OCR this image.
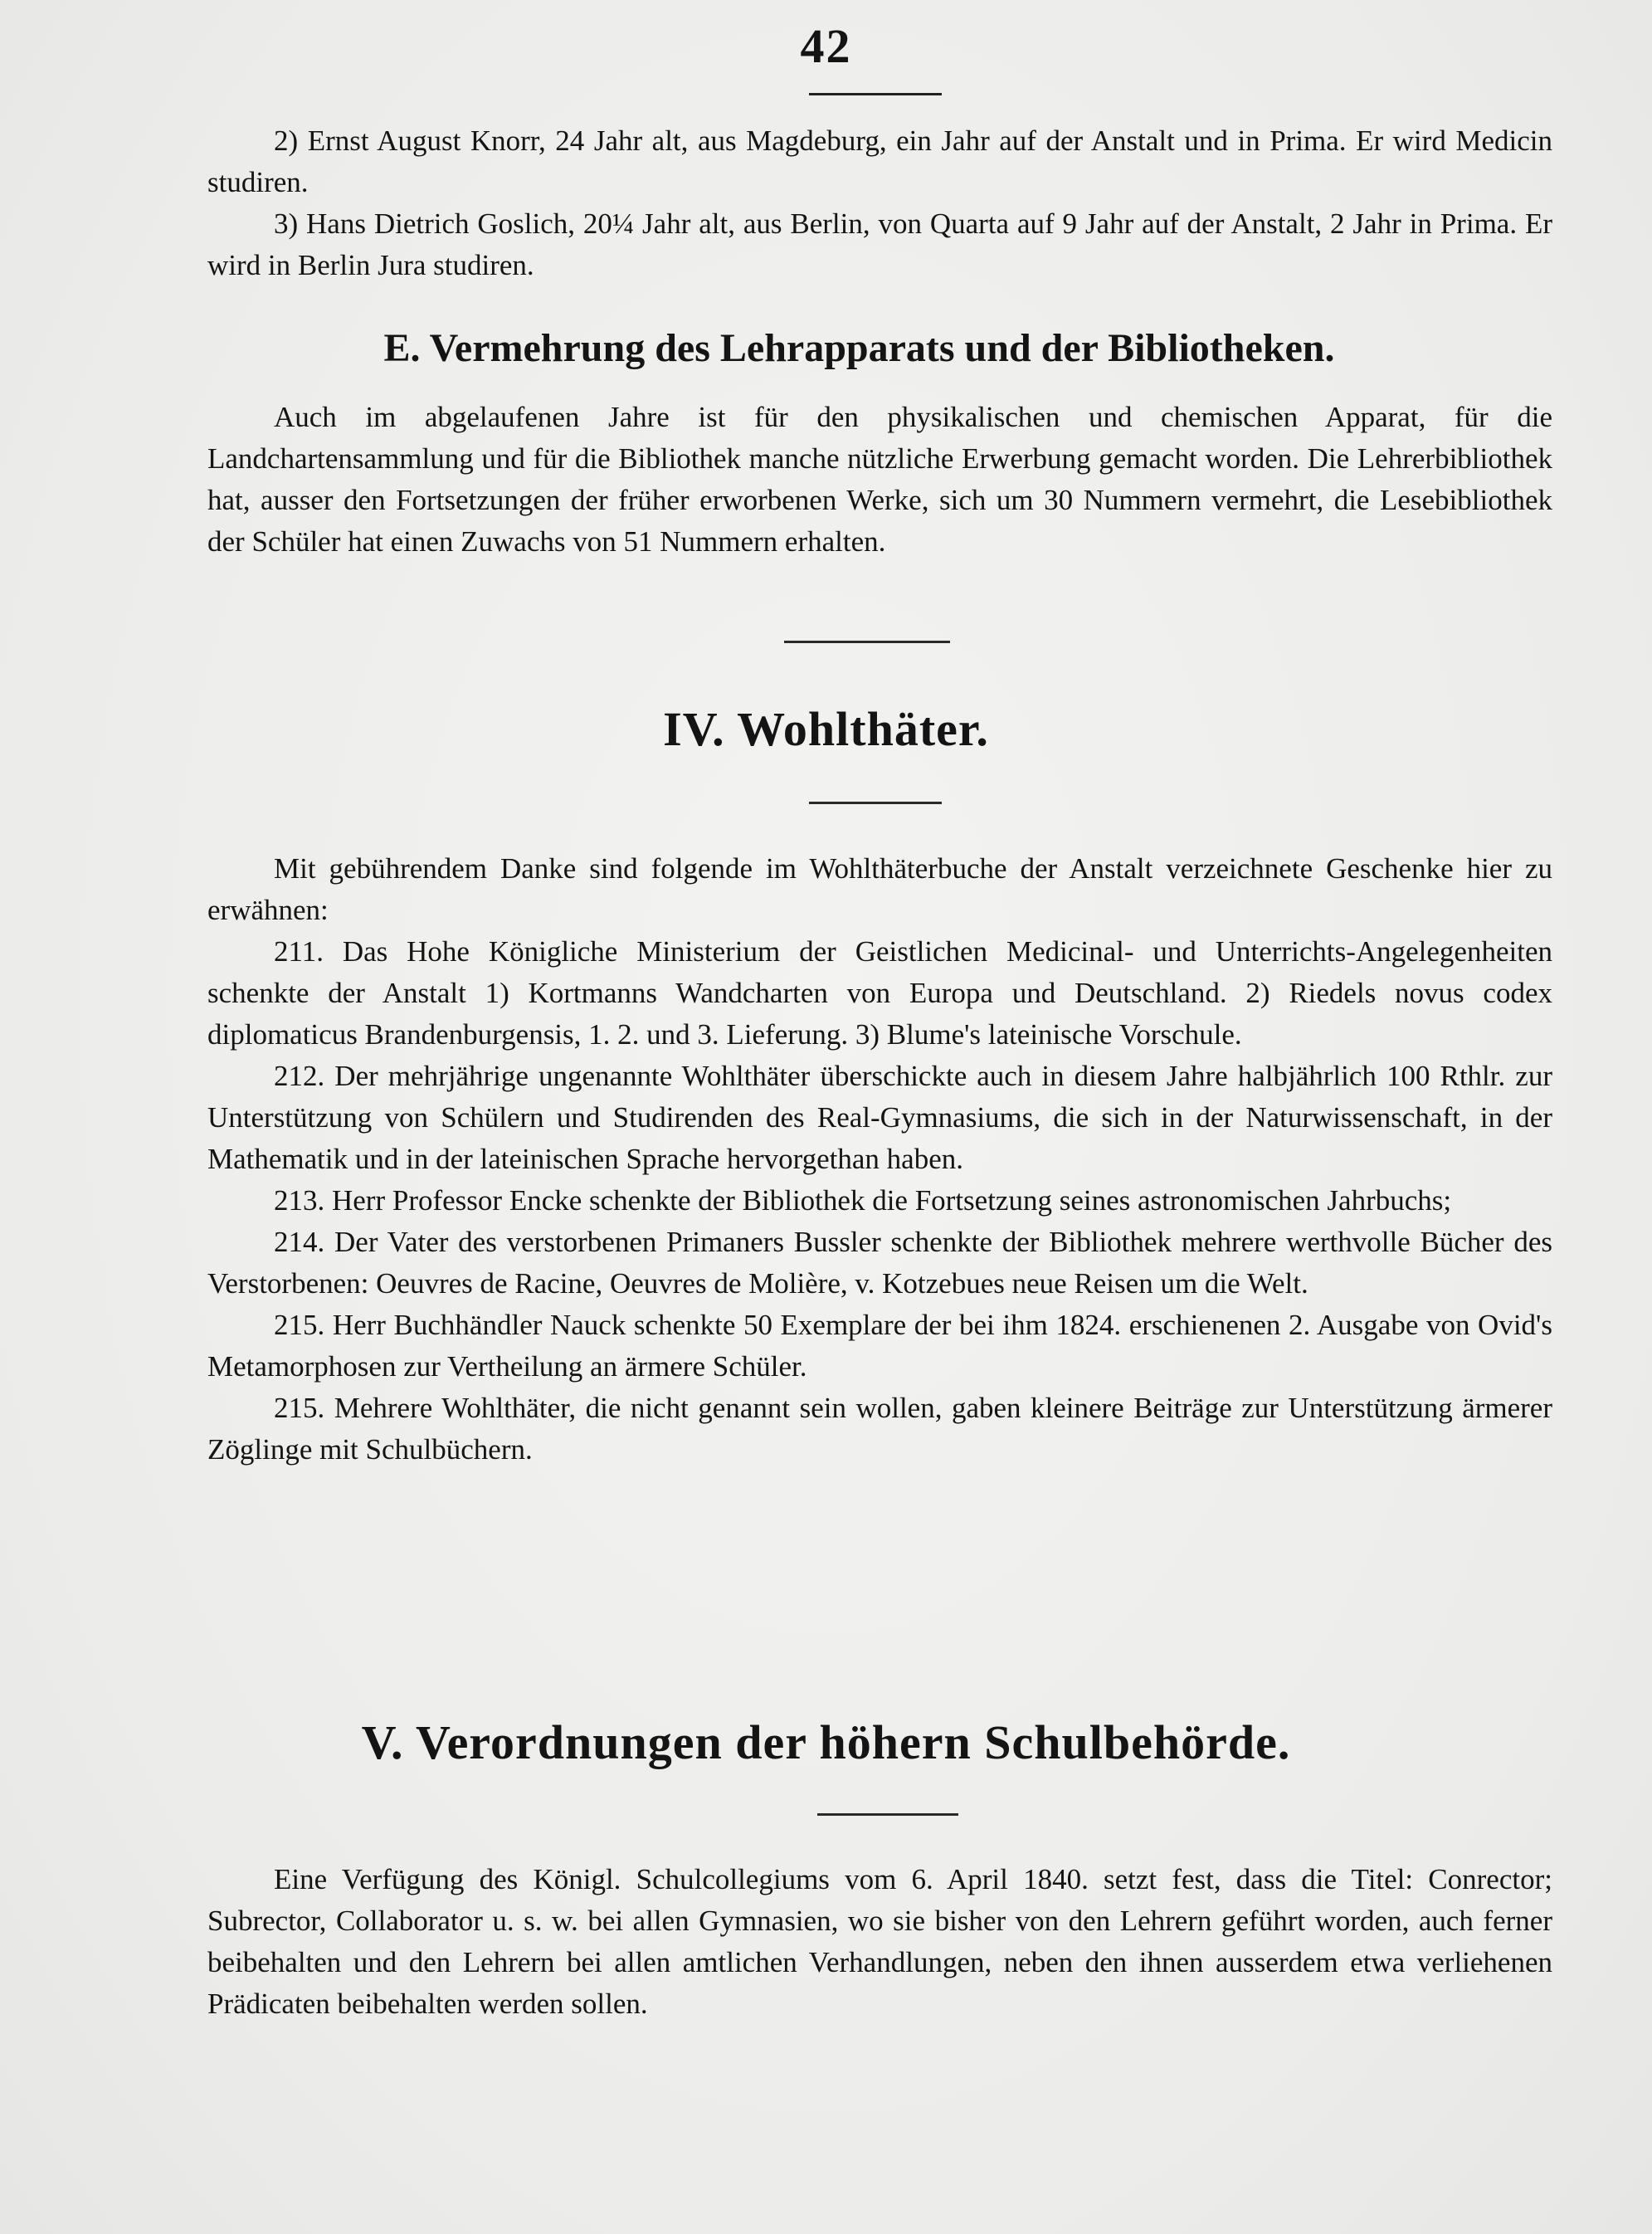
42

2) Ernst August Knorr, 24 Jahr alt, aus Magdeburg, ein Jahr auf der Anstalt und in Prima. Er wird Medicin studiren.

3) Hans Dietrich Goslich, 20¼ Jahr alt, aus Berlin, von Quarta auf 9 Jahr auf der Anstalt, 2 Jahr in Prima. Er wird in Berlin Jura studiren.

E. Vermehrung des Lehrapparats und der Bibliotheken.

Auch im abgelaufenen Jahre ist für den physikalischen und chemischen Apparat, für die Landchartensammlung und für die Bibliothek manche nützliche Erwerbung gemacht worden. Die Lehrerbibliothek hat, ausser den Fortsetzungen der früher erworbenen Werke, sich um 30 Nummern vermehrt, die Lesebibliothek der Schüler hat einen Zuwachs von 51 Nummern erhalten.

IV. Wohlthäter.

Mit gebührendem Danke sind folgende im Wohlthäterbuche der Anstalt verzeichnete Geschenke hier zu erwähnen:

211. Das Hohe Königliche Ministerium der Geistlichen Medicinal- und Unterrichts-Angelegenheiten schenkte der Anstalt 1) Kortmanns Wandcharten von Europa und Deutschland. 2) Riedels novus codex diplomaticus Brandenburgensis, 1. 2. und 3. Lieferung. 3) Blume's lateinische Vorschule.

212. Der mehrjährige ungenannte Wohlthäter überschickte auch in diesem Jahre halbjährlich 100 Rthlr. zur Unterstützung von Schülern und Studirenden des Real-Gymnasiums, die sich in der Naturwissenschaft, in der Mathematik und in der lateinischen Sprache hervorgethan haben.

213. Herr Professor Encke schenkte der Bibliothek die Fortsetzung seines astronomischen Jahrbuchs;

214. Der Vater des verstorbenen Primaners Bussler schenkte der Bibliothek mehrere werthvolle Bücher des Verstorbenen: Oeuvres de Racine, Oeuvres de Molière, v. Kotzebues neue Reisen um die Welt.

215. Herr Buchhändler Nauck schenkte 50 Exemplare der bei ihm 1824. erschienenen 2. Ausgabe von Ovid's Metamorphosen zur Vertheilung an ärmere Schüler.

215. Mehrere Wohlthäter, die nicht genannt sein wollen, gaben kleinere Beiträge zur Unterstützung ärmerer Zöglinge mit Schulbüchern.

V. Verordnungen der höhern Schulbehörde.

Eine Verfügung des Königl. Schulcollegiums vom 6. April 1840. setzt fest, dass die Titel: Conrector; Subrector, Collaborator u. s. w. bei allen Gymnasien, wo sie bisher von den Lehrern geführt worden, auch ferner beibehalten und den Lehrern bei allen amtlichen Verhandlungen, neben den ihnen ausserdem etwa verliehenen Prädicaten beibehalten werden sollen.
